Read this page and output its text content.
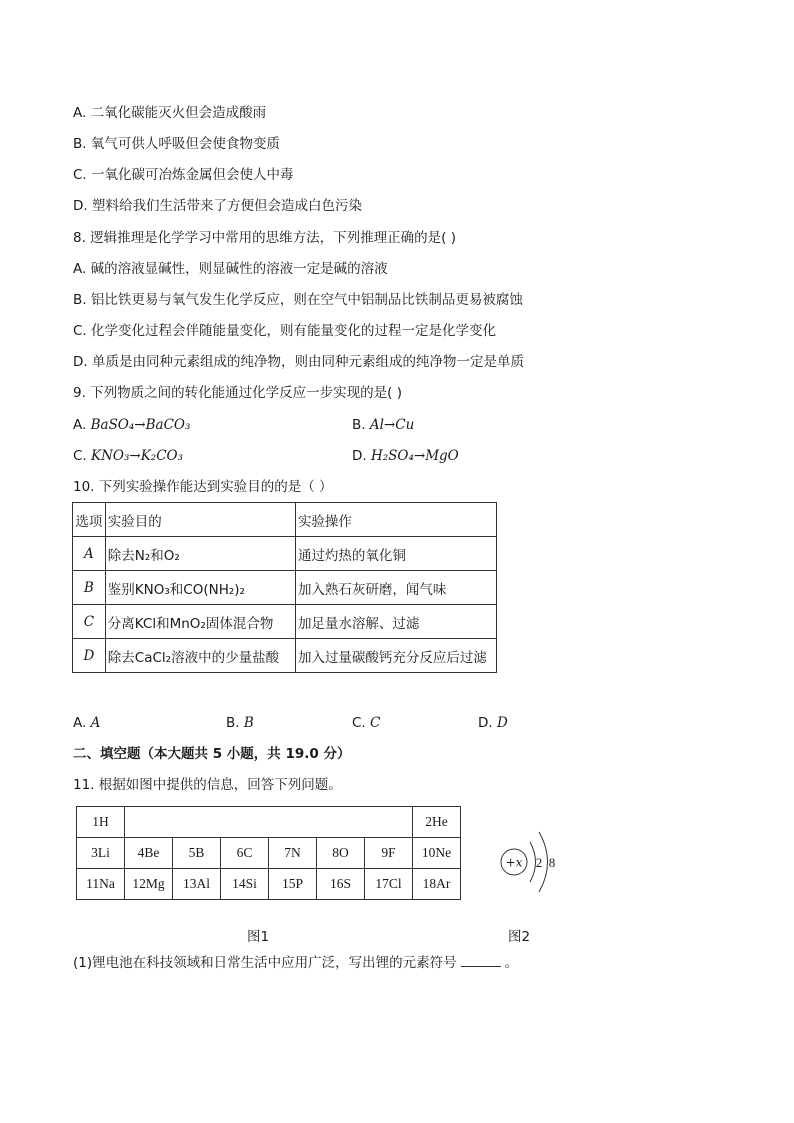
A. 二氧化碳能灭火但会造成酸雨
B. 氧气可供人呼吸但会使食物变质
C. 一氧化碳可冶炼金属但会使人中毒
D. 塑料给我们生活带来了方便但会造成白色污染
8. 逻辑推理是化学学习中常用的思维方法，下列推理正确的是( )
A. 碱的溶液显碱性，则显碱性的溶液一定是碱的溶液
B. 铝比铁更易与氧气发生化学反应，则在空气中铝制品比铁制品更易被腐蚀
C. 化学变化过程会伴随能量变化，则有能量变化的过程一定是化学变化
D. 单质是由同种元素组成的纯净物，则由同种元素组成的纯净物一定是单质
9. 下列物质之间的转化能通过化学反应一步实现的是( )
A. BaSO₄→BaCO₃	B. Al→Cu
C. KNO₃→K₂CO₃	D. H₂SO₄→MgO
10. 下列实验操作能达到实验目的的是（ ）
选项	实验目的	实验操作
A	除去N₂和O₂	通过灼热的氧化铜
B	鉴别KNO₃和CO(NH₂)₂	加入熟石灰研磨，闻气味
C	分离KCl和MnO₂固体混合物	加足量水溶解、过滤
D	除去CaCl₂溶液中的少量盐酸	加入过量碳酸钙充分反应后过滤
A. A	B. B	C. C	D. D
二、填空题（本大题共 5 小题，共 19.0 分）
11. 根据如图中提供的信息，回答下列问题。
1H							2He
3Li	4Be	5B	6C	7N	8O	9F	10Ne
11Na	12Mg	13Al	14Si	15P	16S	17Cl	18Ar
+x 2 8
图1	图2
(1)锂电池在科技领域和日常生活中应用广泛，写出锂的元素符号	。
